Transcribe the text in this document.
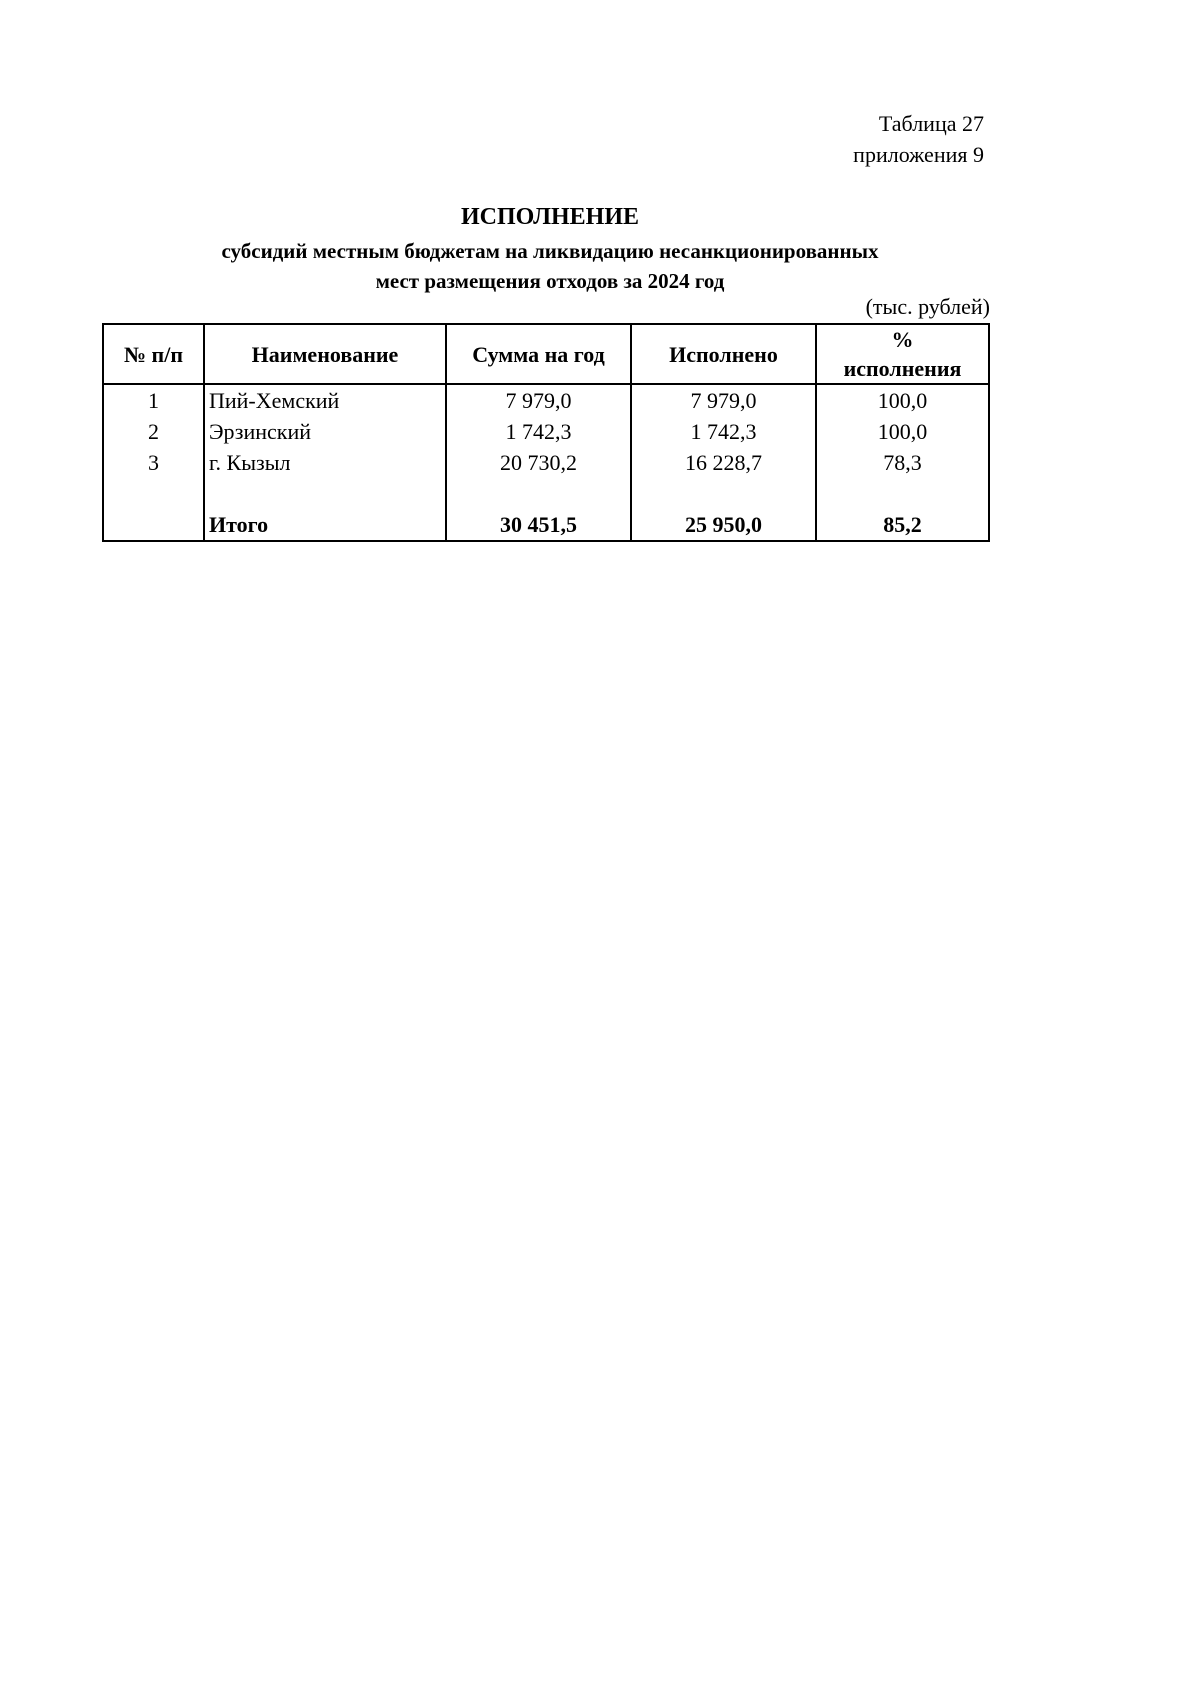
Таблица 27
приложения 9
ИСПОЛНЕНИЕ
субсидий местным бюджетам на ликвидацию несанкционированных
мест размещения отходов за 2024 год
(тыс. рублей)
№ п/п	Наименование	Сумма на год	Исполнено	%
исполнения

1	Пий-Хемский	7 979,0	7 979,0	100,0
2	Эрзинский	1 742,3	1 742,3	100,0
3	г. Кызыл	20 730,2	16 228,7	78,3

	Итого	30 451,5	25 950,0	85,2
